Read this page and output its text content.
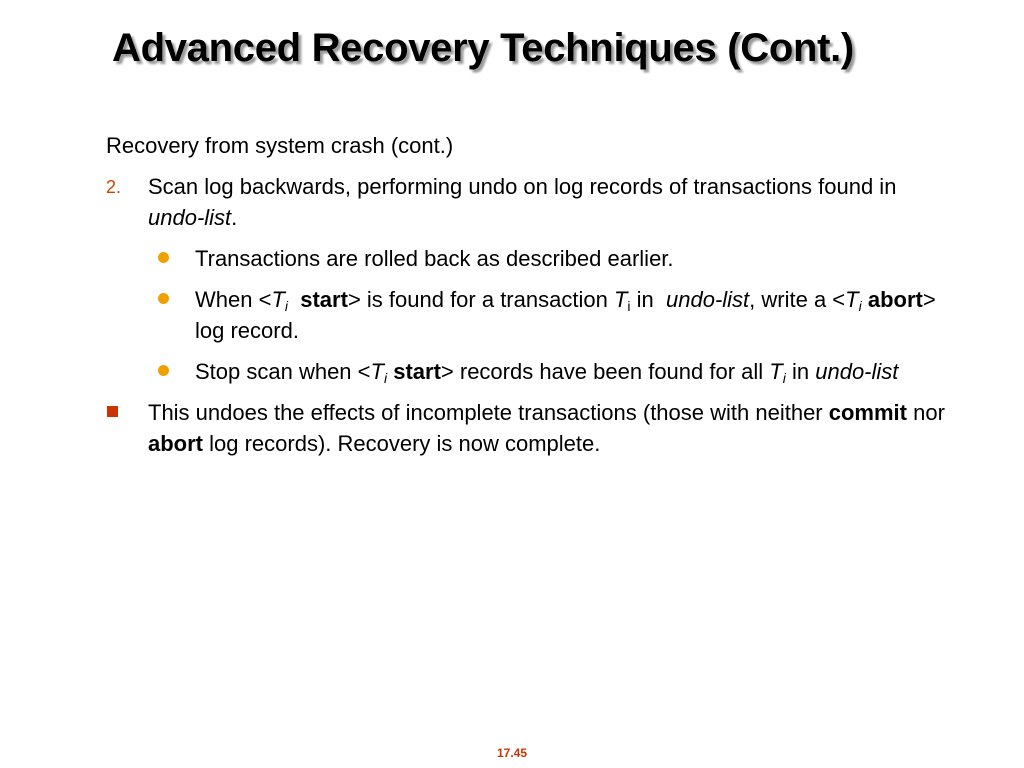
Advanced Recovery Techniques (Cont.)

Recovery from system crash (cont.)

2. Scan log backwards, performing undo on log records of transactions found in undo-list.
Transactions are rolled back as described earlier.
When $<T_i$ start> is found for a transaction $T_i$ in  undo-list, write $a <T_i$ abort> log record.
Stop scan when $<T_i$ start> records have been found for all $T_i$ in undo-list
This undoes the effects of incomplete transactions (those with neither commit nor abort log records). Recovery is now complete.
17.45
